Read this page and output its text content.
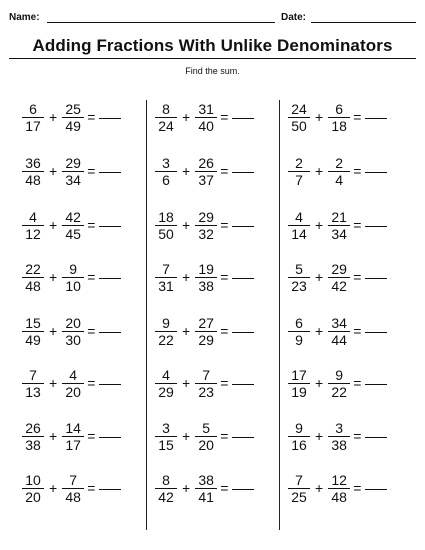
Name:	Date:
Adding Fractions With Unlike Denominators
Find the sum.
$\frac{6}{17} + \frac{25}{49}$ =
$\frac{36}{48} + \frac{29}{34}$ =
$\frac{4}{12} + \frac{42}{45}$ =
$\frac{22}{48} + \frac{9}{10}$ =
$\frac{15}{49} + \frac{20}{30}$ =
$\frac{7}{13} + \frac{4}{20}$ =
$\frac{26}{38} + \frac{14}{17}$ =
$\frac{10}{20} + \frac{7}{48}$ =
$\frac{8}{24} + \frac{31}{40}$ =
$\frac{3}{6} + \frac{26}{37}$ =
$\frac{18}{50} + \frac{29}{32}$ =
$\frac{7}{31} + \frac{19}{38}$ =
$\frac{9}{22} + \frac{27}{29}$ =
$\frac{4}{29} + \frac{7}{23}$ =
$\frac{3}{15} + \frac{5}{20}$ =
$\frac{8}{42} + \frac{38}{41}$ =
$\frac{24}{50} + \frac{6}{18}$ =
$\frac{2}{7} + \frac{2}{4}$ =
$\frac{4}{14} + \frac{21}{34}$ =
$\frac{5}{23} + \frac{29}{42}$ =
$\frac{6}{9} + \frac{34}{44}$ =
$\frac{17}{19} + \frac{9}{22}$ =
$\frac{9}{16} + \frac{3}{38}$ =
$\frac{7}{25} + \frac{12}{48}$ =
